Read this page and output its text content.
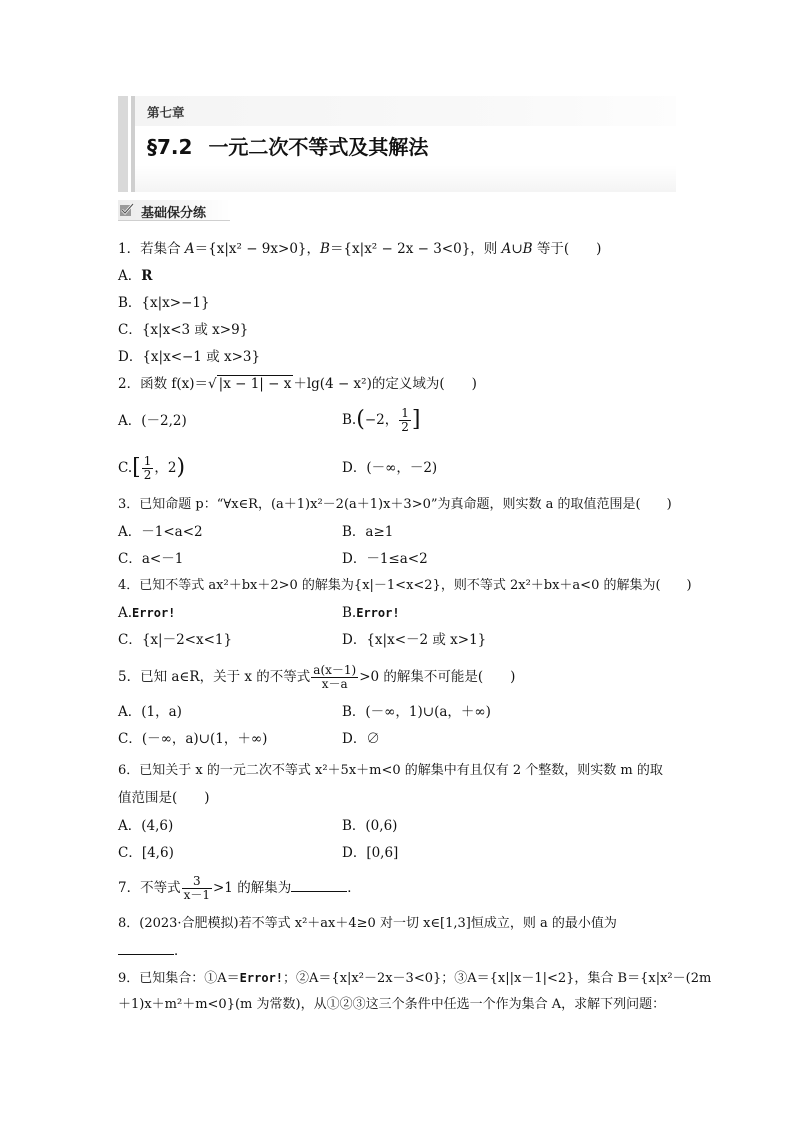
第七章
§7.2 一元二次不等式及其解法
基础保分练
1．若集合 A＝{x|x² − 9x>0}，B＝{x|x² − 2x − 3<0}，则 A∪B 等于(　　)
A．R
B．{x|x>−1}
C．{x|x<3 或 x>9}
D．{x|x<−1 或 x>3}
2．函数 f(x)＝√ |x − 1| − x ＋lg(4 − x²)的定义域为(　　)
A．(－2,2)	B.(−2， $\frac{1}{2}$ ]
$C.[ \frac{1}{2}$ ，2)	D．(－∞，－2)
3．已知命题 p：“∀x∈R，(a＋1)x²－2(a＋1)x＋3>0”为真命题，则实数 a 的取值范围是(　　)
A．－1<a<2	B．a≥1
C．a<－1	D．－1≤a<2
4．已知不等式 ax²＋bx＋2>0 的解集为{x|－1<x<2}，则不等式 2x²＋bx＋a<0 的解集为(　　)
A.Error!	B.Error!
C．{x|－2<x<1}	D．{x|x<－2 或 x>1}
5．已知 a∈R，关于 x 的不等式 $\frac{a(x-1)}{x-a} >0$ 的解集不可能是(　　)
A．(1，a)	B．(－∞，1)∪(a，＋∞)
C．(－∞，a)∪(1，＋∞)	D．∅
6．已知关于 x 的一元二次不等式 x²＋5x＋m<0 的解集中有且仅有 2 个整数，则实数 m 的取
值范围是(　　)
A．(4,6)	B．(0,6)
C．[4,6)	D．[0,6]
7．不等式 $\frac{3}{x-1} >1$ 的解集为	．
8．(2023·合肥模拟)若不等式 x²＋ax＋4≥0 对一切 x∈[1,3]恒成立，则 a 的最小值为
．
9．已知集合：①A＝Error!；②A＝{x|x²－2x－3<0}；③A＝{x||x－1|<2}，集合 B＝{x|x²－(2m
＋1)x＋m²＋m<0}(m 为常数)，从①②③这三个条件中任选一个作为集合 A，求解下列问题：
